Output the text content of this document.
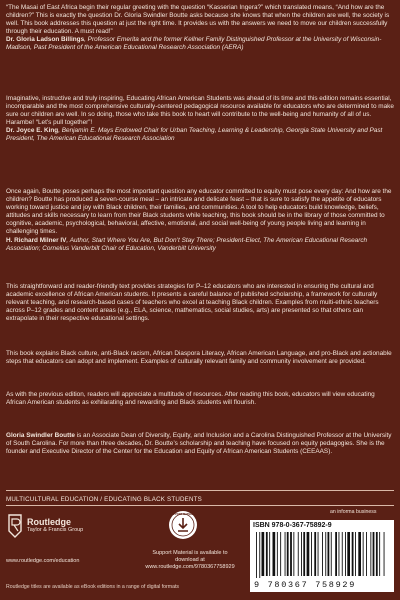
“The Masai of East Africa begin their regular greeting with the question “Kasserian Ingera?” which translated means, “And how are the children?” This is exactly the question Dr. Gloria Swindler Boutte asks because she knows that when the children are well, the society is well. This book addresses this question at just the right time. It provides us with the answers we need to move our children successfully through their education. A must read!”
Dr. Gloria Ladson Billings, Professor Emerita and the former Kellner Family Distinguished Professor at the University of Wisconsin-Madison, Past President of the American Educational Research Association (AERA)

Imaginative, instructive and truly inspiring, Educating African American Students was ahead of its time and this edition remains essential, incomparable and the most comprehensive culturally-centered pedagogical resource available for educators who are determined to make sure our children are well. In so doing, those who take this book to heart will contribute to the well-being and humanity of all of us. Harambe! “Let’s pull together”!
Dr. Joyce E. King, Benjamin E. Mays Endowed Chair for Urban Teaching, Learning & Leadership, Georgia State University and Past President, The American Educational Research Association

Once again, Boutte poses perhaps the most important question any educator committed to equity must pose every day: And how are the children? Boutte has produced a seven-course meal – an intricate and delicate feast – that is sure to satisfy the appetite of educators working toward justice and joy with Black children, their families, and communities. A tool to help educators build knowledge, beliefs, attitudes and skills necessary to learn from their Black students while teaching, this book should be in the library of those committed to cognitive, academic, psychological, behavioral, affective, emotional, and social well-being of young people living and learning in challenging times.
H. Richard Milner IV, Author, Start Where You Are, But Don’t Stay There; President-Elect, The American Educational Research Association; Cornelius Vanderbilt Chair of Education, Vanderbilt University

This straightforward and reader-friendly text provides strategies for P–12 educators who are interested in ensuring the cultural and academic excellence of African American students. It presents a careful balance of published scholarship, a framework for culturally relevant teaching, and research-based cases of teachers who excel at teaching Black children. Examples from multi-ethnic teachers across P–12 grades and content areas (e.g., ELA, science, mathematics, social studies, arts) are presented so that others can extrapolate in their respective educational settings.

This book explains Black culture, anti-Black racism, African Diaspora Literacy, African American Language, and pro-Black and actionable steps that educators can adopt and implement. Examples of culturally relevant family and community involvement are provided.

As with the previous edition, readers will appreciate a multitude of resources. After reading this book, educators will view educating African American students as exhilarating and rewarding and Black students will flourish.

Gloria Swindler Boutte is an Associate Dean of Diversity, Equity, and Inclusion and a Carolina Distinguished Professor at the University of South Carolina. For more than three decades, Dr. Boutte’s scholarship and teaching have focused on equity pedagogies. She is the founder and Executive Director of the Center for the Education and Equity of African American Students (CEEAAS).

MULTICULTURAL EDUCATION / EDUCATING BLACK STUDENTS
Routledge
Taylor & Francis Group
www.routledge.com/education
SUPPORT MATERIAL
Support Material is available to download at
www.routledge.com/9780367758929
an informa business
ISBN 978-0-367-75892-9
9 780367 758929
Routledge titles are available as eBook editions in a range of digital formats
